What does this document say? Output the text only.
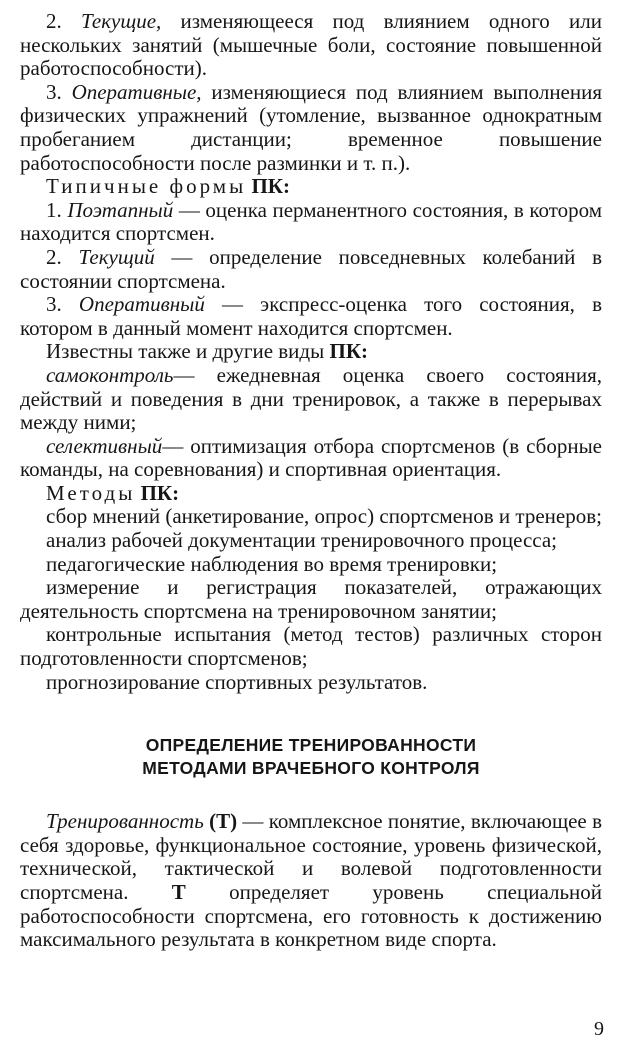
2. Текущие, изменяющееся под влиянием одного или нескольких занятий (мышечные боли, состояние повышенной работоспособности).

3. Оперативные, изменяющиеся под влиянием выполнения физических упражнений (утомление, вызванное однократным пробеганием дистанции; временное повышение работоспособности после разминки и т. п.).

Типичные формы ПК:

1. Поэтапный — оценка перманентного состояния, в котором находится спортсмен.

2. Текущий — определение повседневных колебаний в состоянии спортсмена.

3. Оперативный — экспресс-оценка того состояния, в котором в данный момент находится спортсмен.

Известны также и другие виды ПК:

самоконтроль— ежедневная оценка своего состояния, действий и поведения в дни тренировок, а также в перерывах между ними;

селективный— оптимизация отбора спортсменов (в сборные команды, на соревнования) и спортивная ориентация.

Методы ПК:

сбор мнений (анкетирование, опрос) спортсменов и тренеров;

анализ рабочей документации тренировочного процесса;

педагогические наблюдения во время тренировки;

измерение и регистрация показателей, отражающих деятельность спортсмена на тренировочном занятии;

контрольные испытания (метод тестов) различных сторон подготовленности спортсменов;

прогнозирование спортивных результатов.

ОПРЕДЕЛЕНИЕ ТРЕНИРОВАННОСТИ
МЕТОДАМИ ВРАЧЕБНОГО КОНТРОЛЯ

Тренированность (Т) — комплексное понятие, включающее в себя здоровье, функциональное состояние, уровень физической, технической, тактической и волевой подготовленности спортсмена. Т определяет уровень специальной работоспособности спортсмена, его готовность к достижению максимального результата в конкретном виде спорта.

9
